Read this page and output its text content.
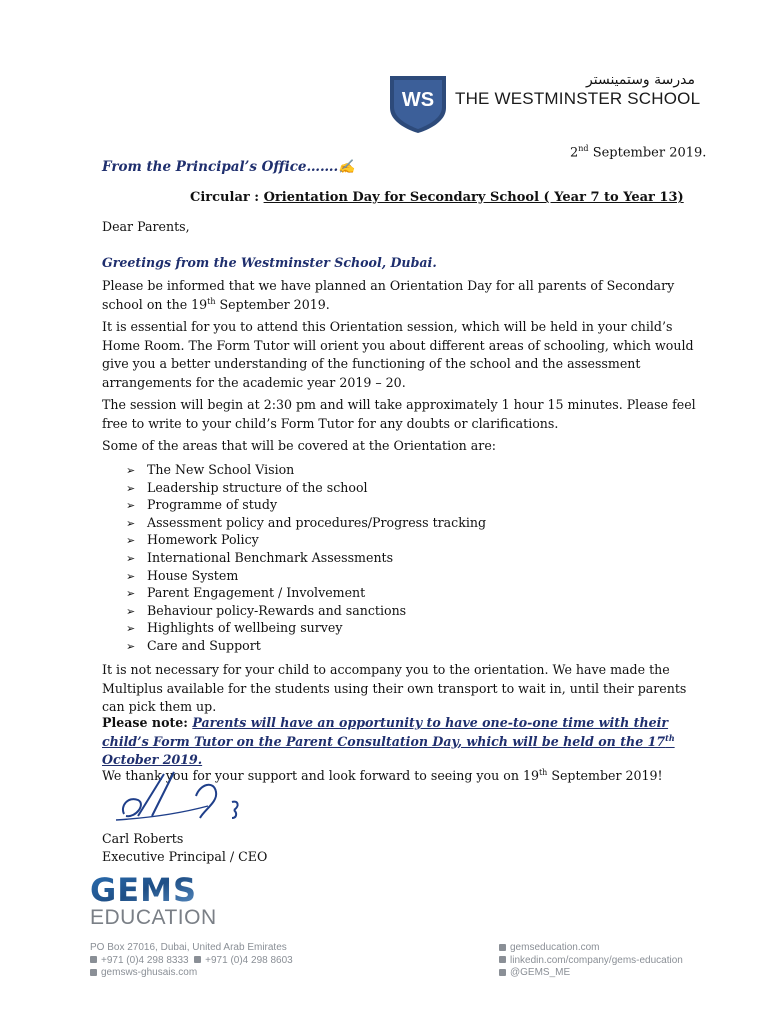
WS
مدرسة وستمينستر
THE WESTMINSTER SCHOOL
2nd September 2019.
From the Principal’s Office…….✍
Circular : Orientation Day for Secondary School ( Year 7 to Year 13)
Dear Parents,
Greetings from the Westminster School, Dubai.
Please be informed that we have planned an Orientation Day for all parents of Secondary school on the 19th September 2019.
It is essential for you to attend this Orientation session, which will be held in your child’s Home Room. The Form Tutor will orient you about different areas of schooling, which would give you a better understanding of the functioning of the school and the assessment arrangements for the academic year 2019 – 20.
The session will begin at 2:30 pm and will take approximately 1 hour 15 minutes. Please feel free to write to your child’s Form Tutor for any doubts or clarifications.
Some of the areas that will be covered at the Orientation are:
➢ The New School Vision
➢ Leadership structure of the school
➢ Programme of study
➢ Assessment policy and procedures/Progress tracking
➢ Homework Policy
➢ International Benchmark Assessments
➢ House System
➢ Parent Engagement / Involvement
➢ Behaviour policy-Rewards and sanctions
➢ Highlights of wellbeing survey
➢ Care and Support
It is not necessary for your child to accompany you to the orientation. We have made the Multiplus available for the students using their own transport to wait in, until their parents can pick them up.
Please note: Parents will have an opportunity to have one-to-one time with their child’s Form Tutor on the Parent Consultation Day, which will be held on the 17th October 2019.
We thank you for your support and look forward to seeing you on 19th September 2019!
Carl Roberts
Executive Principal / CEO
GEMS
EDUCATION
PO Box 27016, Dubai, United Arab Emirates
+971 (0)4 298 8333 +971 (0)4 298 8603
gemsws-ghusais.com
gemseducation.com
linkedin.com/company/gems-education
@GEMS_ME
